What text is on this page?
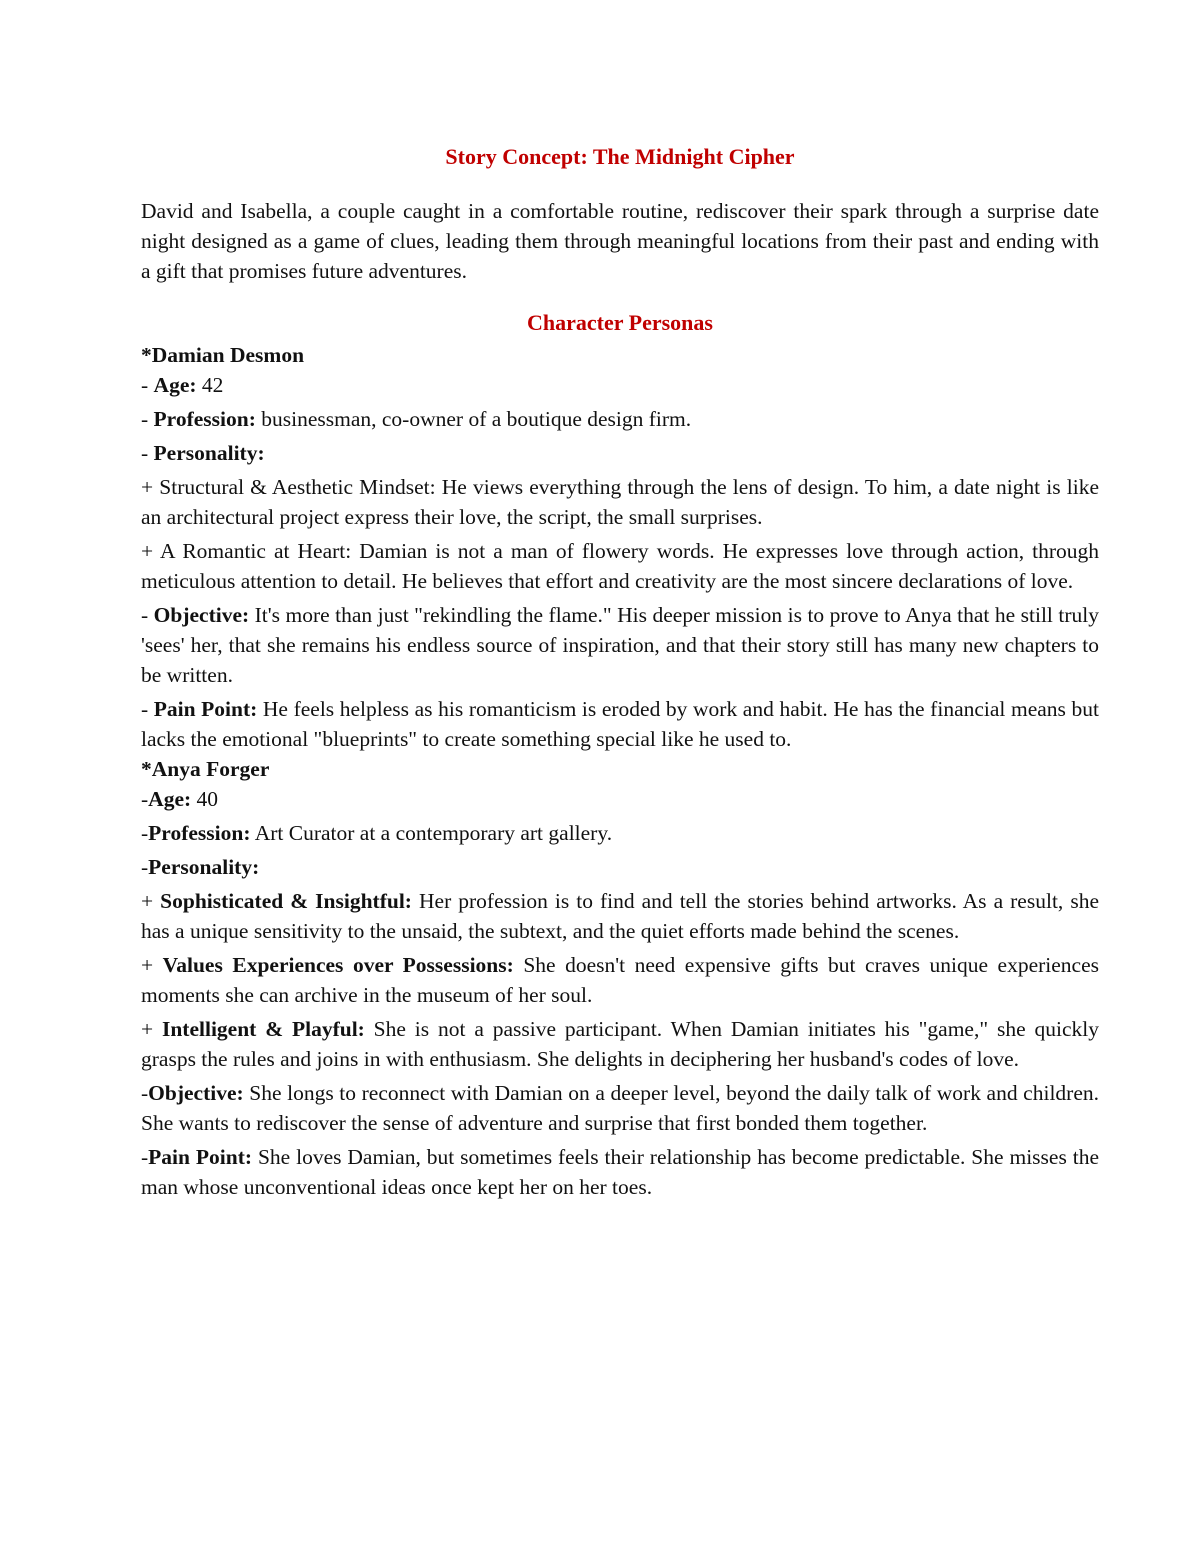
Story Concept: The Midnight Cipher
David and Isabella, a couple caught in a comfortable routine, rediscover their spark through a surprise date night designed as a game of clues, leading them through meaningful locations from their past and ending with a gift that promises future adventures.
Character Personas
*Damian Desmon
- Age: 42
- Profession: businessman, co-owner of a boutique design firm.
- Personality:
+ Structural & Aesthetic Mindset: He views everything through the lens of design. To him, a date night is like an architectural project express their love, the script, the small surprises.
+ A Romantic at Heart: Damian is not a man of flowery words. He expresses love through action, through meticulous attention to detail. He believes that effort and creativity are the most sincere declarations of love.
- Objective: It's more than just "rekindling the flame." His deeper mission is to prove to Anya that he still truly 'sees' her, that she remains his endless source of inspiration, and that their story still has many new chapters to be written.
- Pain Point: He feels helpless as his romanticism is eroded by work and habit. He has the financial means but lacks the emotional "blueprints" to create something special like he used to.
*Anya Forger
-Age: 40
-Profession: Art Curator at a contemporary art gallery.
-Personality:
+ Sophisticated & Insightful: Her profession is to find and tell the stories behind artworks. As a result, she has a unique sensitivity to the unsaid, the subtext, and the quiet efforts made behind the scenes.
+ Values Experiences over Possessions: She doesn't need expensive gifts but craves unique experiences moments she can archive in the museum of her soul.
+ Intelligent & Playful: She is not a passive participant. When Damian initiates his "game," she quickly grasps the rules and joins in with enthusiasm. She delights in deciphering her husband's codes of love.
-Objective: She longs to reconnect with Damian on a deeper level, beyond the daily talk of work and children. She wants to rediscover the sense of adventure and surprise that first bonded them together.
-Pain Point: She loves Damian, but sometimes feels their relationship has become predictable. She misses the man whose unconventional ideas once kept her on her toes.
